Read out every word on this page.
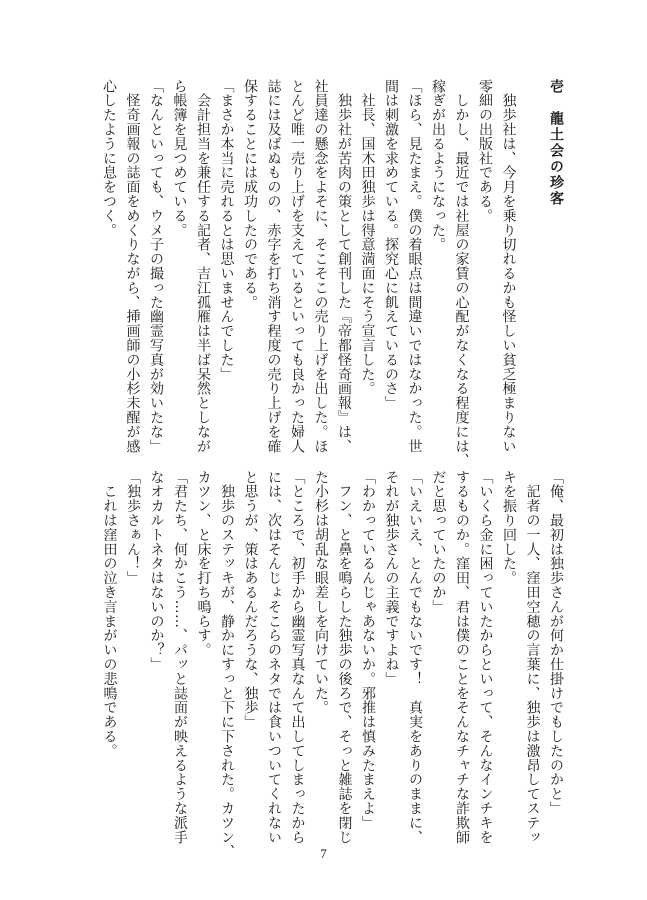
壱　龍土会の珍客
　独歩社は、今月を乗り切れるかも怪しい貧乏極まりない
零細の出版社である。
　しかし、最近では社屋の家賃の心配がなくなる程度には、
稼ぎが出るようになった。
「ほら、見たまえ。僕の着眼点は間違いではなかった。世
間は刺激を求めている。探究心に飢えているのさ」
　社長、国木田独歩は得意満面にそう宣言した。
　独歩社が苦肉の策として創刊した『帝都怪奇画報』は、
社員達の懸念をよそに、そこそこの売り上げを出した。ほ
とんど唯一売り上げを支えているといっても良かった婦人
誌には及ばぬものの、赤字を打ち消す程度の売り上げを確
保することには成功したのである。
「まさか本当に売れるとは思いませんでした」
　会計担当を兼任する記者、吉江孤雁は半ば呆然としなが
ら帳簿を見つめている。
「なんといっても、ウメ子の撮った幽霊写真が効いたな」
　怪奇画報の誌面をめくりながら、挿画師の小杉未醒が感
心したように息をつく。
「俺、最初は独歩さんが何か仕掛けでもしたのかと」
　記者の一人、窪田空穂の言葉に、独歩は激昂してステッ
キを振り回した。
「いくら金に困っていたからといって、そんなインチキを
するものか。窪田、君は僕のことをそんなチャチな詐欺師
だと思っていたのか」
「いえいえ、とんでもないです！　真実をありのままに、
それが独歩さんの主義ですよね」
「わかっているんじゃあないか。邪推は慎みたまえよ」
　フン、と鼻を鳴らした独歩の後ろで、そっと雑誌を閉じ
た小杉は胡乱な眼差しを向けていた。
「ところで、初手から幽霊写真なんて出してしまったから
には、次はそんじょそこらのネタでは食いついてくれない
と思うが、策はあるんだろうな、独歩」
　独歩のステッキが、静かにすっと下に下された。カツン、
カツン、と床を打ち鳴らす。
「君たち、何かこう……、パッと誌面が映えるような派手
なオカルトネタはないのか？」
「独歩さぁん！」
　これは窪田の泣き言まがいの悲鳴である。
7
